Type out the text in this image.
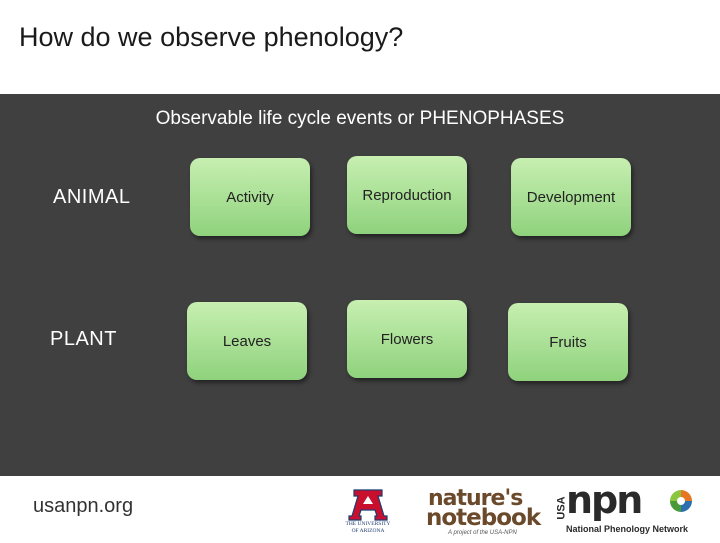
How do we observe phenology?
Observable life cycle events or PHENOPHASES
ANIMAL
PLANT
Activity	Reproduction	Development
Leaves	Flowers	Fruits
usanpn.org
THE UNIVERSITY
OF ARIZONA
nature's
notebook
A project of the USA-NPN
USA
npn
National Phenology Network
